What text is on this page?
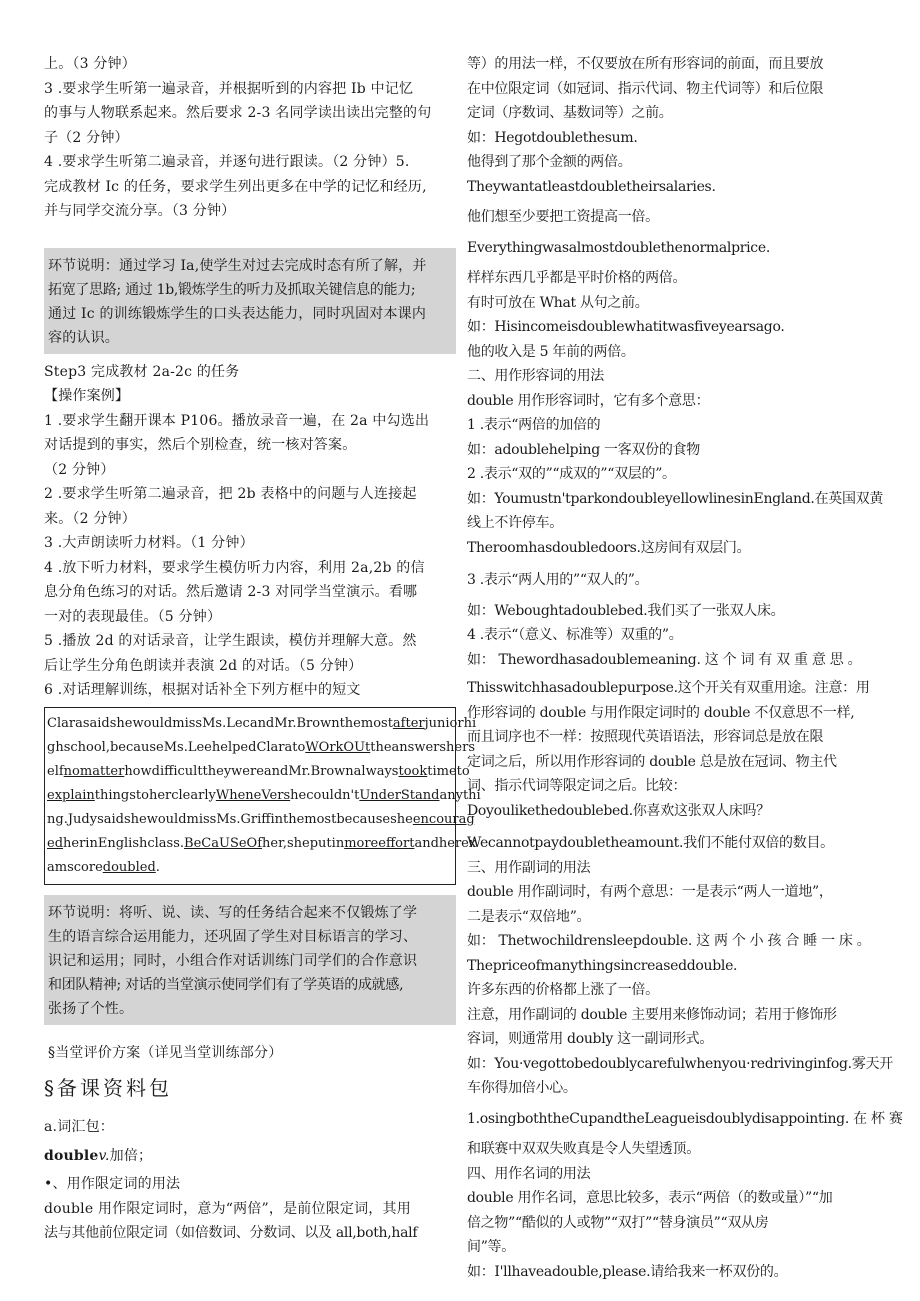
上。（3 分钟）

3 .要求学生听第一遍录音，并根据听到的内容把 Ib 中记忆

的事与人物联系起来。然后要求 2-3 名同学读出读出完整的句

子（2 分钟）

4 .要求学生听第二遍录音，并逐句进行跟读。（2 分钟）5.

完成教材 Ic 的任务，要求学生列出更多在中学的记忆和经历,

并与同学交流分享。（3 分钟）

环节说明：通过学习 Ia,使学生对过去完成时态有所了解，并

拓宽了思路; 通过 1b,锻炼学生的听力及抓取关键信息的能力;

通过 Ic 的训练锻炼学生的口头表达能力，同时巩固对本课内

容的认识。

Step3 完成教材 2a-2c 的任务

【操作案例】

1 .要求学生翻开课本 P106。播放录音一遍，在 2a 中勾选出

对话提到的事实，然后个别检查，统一核对答案。

（2 分钟）

2 .要求学生听第二遍录音，把 2b 表格中的问题与人连接起

来。（2 分钟）

3 .大声朗读听力材料。（1 分钟）

4 .放下听力材料，要求学生模仿听力内容，利用 2a,2b 的信

息分角色练习的对话。然后邀请 2-3 对同学当堂演示。看哪

一对的表现最佳。（5 分钟）

5 .播放 2d 的对话录音，让学生跟读，模仿并理解大意。然

后让学生分角色朗读并表演 2d 的对话。（5 分钟）

6 .对话理解训练，根据对话补全下列方框中的短文

ClarasaidshewouldmissMs.LecandMr.Brownthemostafterjuniorhi

ghschool,becauseMs.LeehelpedClaratoWOrkOUttheanswershers

elfnomatterhowdifficulttheywereandMr.Brownalwaystooktimeto

explainthingstoherclearlyWheneVershecouldn'tUnderStandanythi

ng.JudysaidshewouldmissMs.Griffinthemostbecausesheencourag

edherinEnglishclass.BeCaUSeOfher,sheputinmoreeffortandherex

amscoredoubled.

环节说明：将听、说、读、写的任务结合起来不仅锻炼了学

生的语言综合运用能力，还巩固了学生对目标语言的学习、

识记和运用；同时，小组合作对话训练门司学们的合作意识

和团队精神; 对话的当堂演示使同学们有了学英语的成就感,

张扬了个性。

§当堂评价方案（详见当堂训练部分）

§备课资料包

a.词汇包：

doublev.加倍；

•、用作限定词的用法

double 用作限定词时，意为“两倍”，是前位限定词，其用

法与其他前位限定词（如倍数词、分数词、以及 all,both,half

等）的用法一样，不仅要放在所有形容词的前面，而且要放

在中位限定词（如冠词、指示代词、物主代词等）和后位限

定词（序数词、基数词等）之前。

如：Hegotdoublethesum.

他得到了那个金额的两倍。

Theywantatleastdoubletheirsalaries.

他们想至少要把工资提高一倍。

Everythingwasalmostdoublethenormalprice.

样样东西几乎都是平时价格的两倍。

有时可放在 What 从句之前。

如：Hisincomeisdoublewhatitwasfiveyearsago.

他的收入是 5 年前的两倍。

二、用作形容词的用法

double 用作形容词时，它有多个意思：

1 .表示“两倍的加倍的

如：adoublehelping 一客双份的食物

2 .表示“双的”“成双的”“双层的”。

如：Youmustn'tparkondoubleyellowlinesinEngland.在英国双黄

线上不许停车。

Theroomhasdoubledoors.这房间有双层门。

3 .表示“两人用的”“双人的”。

如：Weboughtadoublebed.我们买了一张双人床。

4 .表示“（意义、标准等）双重的”。

如： Thewordhasadoublemeaning. 这 个 词 有 双 重 意 思 。

Thisswitchhasadoublepurpose.这个开关有双重用途。注意：用

作形容词的 double 与用作限定词时的 double 不仅意思不一样,

而且词序也不一样：按照现代英语语法，形容词总是放在限

定词之后，所以用作形容词的 double 总是放在冠词、物主代

词、指示代词等限定词之后。比较：

Doyoulikethedoublebed.你喜欢这张双人床吗？

Wecannotpaydoubletheamount.我们不能付双倍的数目。

三、用作副词的用法

double 用作副词时，有两个意思：一是表示“两人一道地”，

二是表示“双倍地”。

如： Thetwochildrensleepdouble. 这 两 个 小 孩 合 睡 一 床 。

Thepriceofmanythingsincreaseddouble.

许多东西的价格都上涨了一倍。

注意，用作副词的 double 主要用来修饰动词；若用于修饰形

容词，则通常用 doubly 这一副词形式。

如：You·vegottobedoublycarefulwhenyou·redrivinginfog.雾天开

车你得加倍小心。

1.osingboththeCupandtheLeagueisdoublydisappointing. 在 杯 赛

和联赛中双双失败真是令人失望透顶。

四、用作名词的用法

double 用作名词，意思比较多，表示“两倍（的数或量）”“加

倍之物”“酷似的人或物”“双打”“替身演员”“双从房

间”等。

如：I'llhaveadouble,please.请给我来一杯双份的。
